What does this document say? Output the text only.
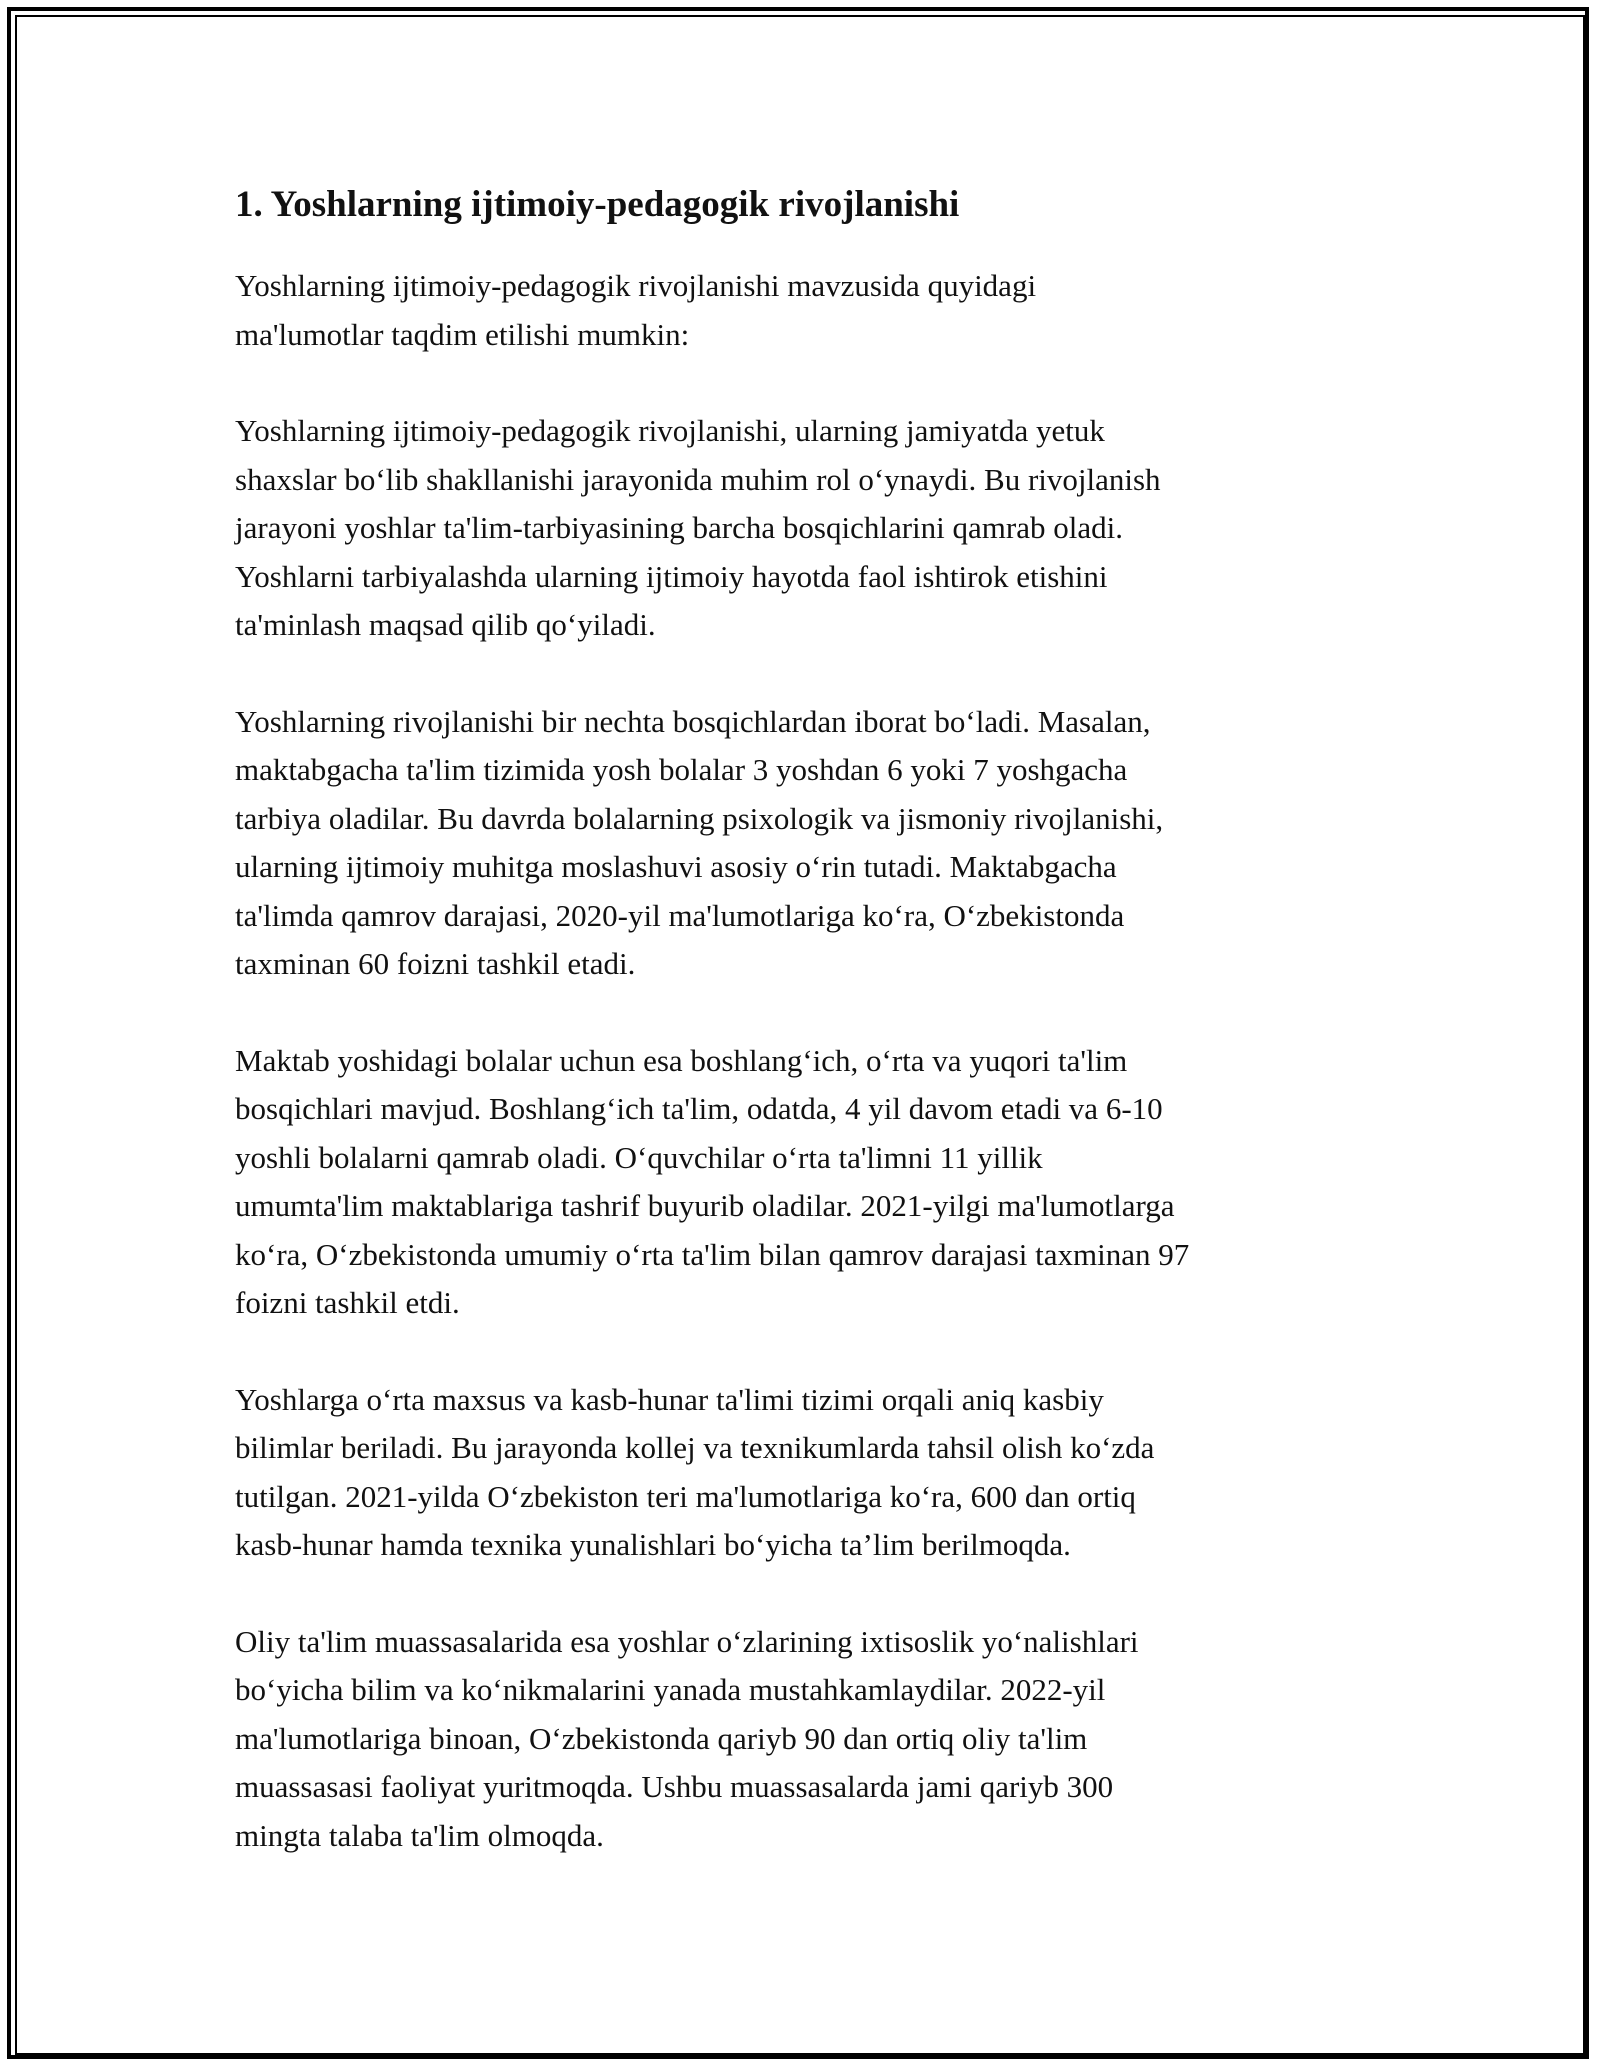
1. Yoshlarning ijtimoiy-pedagogik rivojlanishi

Yoshlarning ijtimoiy-pedagogik rivojlanishi mavzusida quyidagi
ma'lumotlar taqdim etilishi mumkin:

Yoshlarning ijtimoiy-pedagogik rivojlanishi, ularning jamiyatda yetuk
shaxslar bo‘lib shakllanishi jarayonida muhim rol o‘ynaydi. Bu rivojlanish
jarayoni yoshlar ta'lim-tarbiyasining barcha bosqichlarini qamrab oladi.
Yoshlarni tarbiyalashda ularning ijtimoiy hayotda faol ishtirok etishini
ta'minlash maqsad qilib qo‘yiladi.

Yoshlarning rivojlanishi bir nechta bosqichlardan iborat bo‘ladi. Masalan,
maktabgacha ta'lim tizimida yosh bolalar 3 yoshdan 6 yoki 7 yoshgacha
tarbiya oladilar. Bu davrda bolalarning psixologik va jismoniy rivojlanishi,
ularning ijtimoiy muhitga moslashuvi asosiy o‘rin tutadi. Maktabgacha
ta'limda qamrov darajasi, 2020-yil ma'lumotlariga ko‘ra, O‘zbekistonda
taxminan 60 foizni tashkil etadi.

Maktab yoshidagi bolalar uchun esa boshlang‘ich, o‘rta va yuqori ta'lim
bosqichlari mavjud. Boshlang‘ich ta'lim, odatda, 4 yil davom etadi va 6-10
yoshli bolalarni qamrab oladi. O‘quvchilar o‘rta ta'limni 11 yillik
umumta'lim maktablariga tashrif buyurib oladilar. 2021-yilgi ma'lumotlarga
ko‘ra, O‘zbekistonda umumiy o‘rta ta'lim bilan qamrov darajasi taxminan 97
foizni tashkil etdi.

Yoshlarga o‘rta maxsus va kasb-hunar ta'limi tizimi orqali aniq kasbiy
bilimlar beriladi. Bu jarayonda kollej va texnikumlarda tahsil olish ko‘zda
tutilgan. 2021-yilda O‘zbekiston teri ma'lumotlariga ko‘ra, 600 dan ortiq
kasb-hunar hamda texnika yunalishlari bo‘yicha ta’lim berilmoqda.

Oliy ta'lim muassasalarida esa yoshlar o‘zlarining ixtisoslik yo‘nalishlari
bo‘yicha bilim va ko‘nikmalarini yanada mustahkamlaydilar. 2022-yil
ma'lumotlariga binoan, O‘zbekistonda qariyb 90 dan ortiq oliy ta'lim
muassasasi faoliyat yuritmoqda. Ushbu muassasalarda jami qariyb 300
mingta talaba ta'lim olmoqda.
